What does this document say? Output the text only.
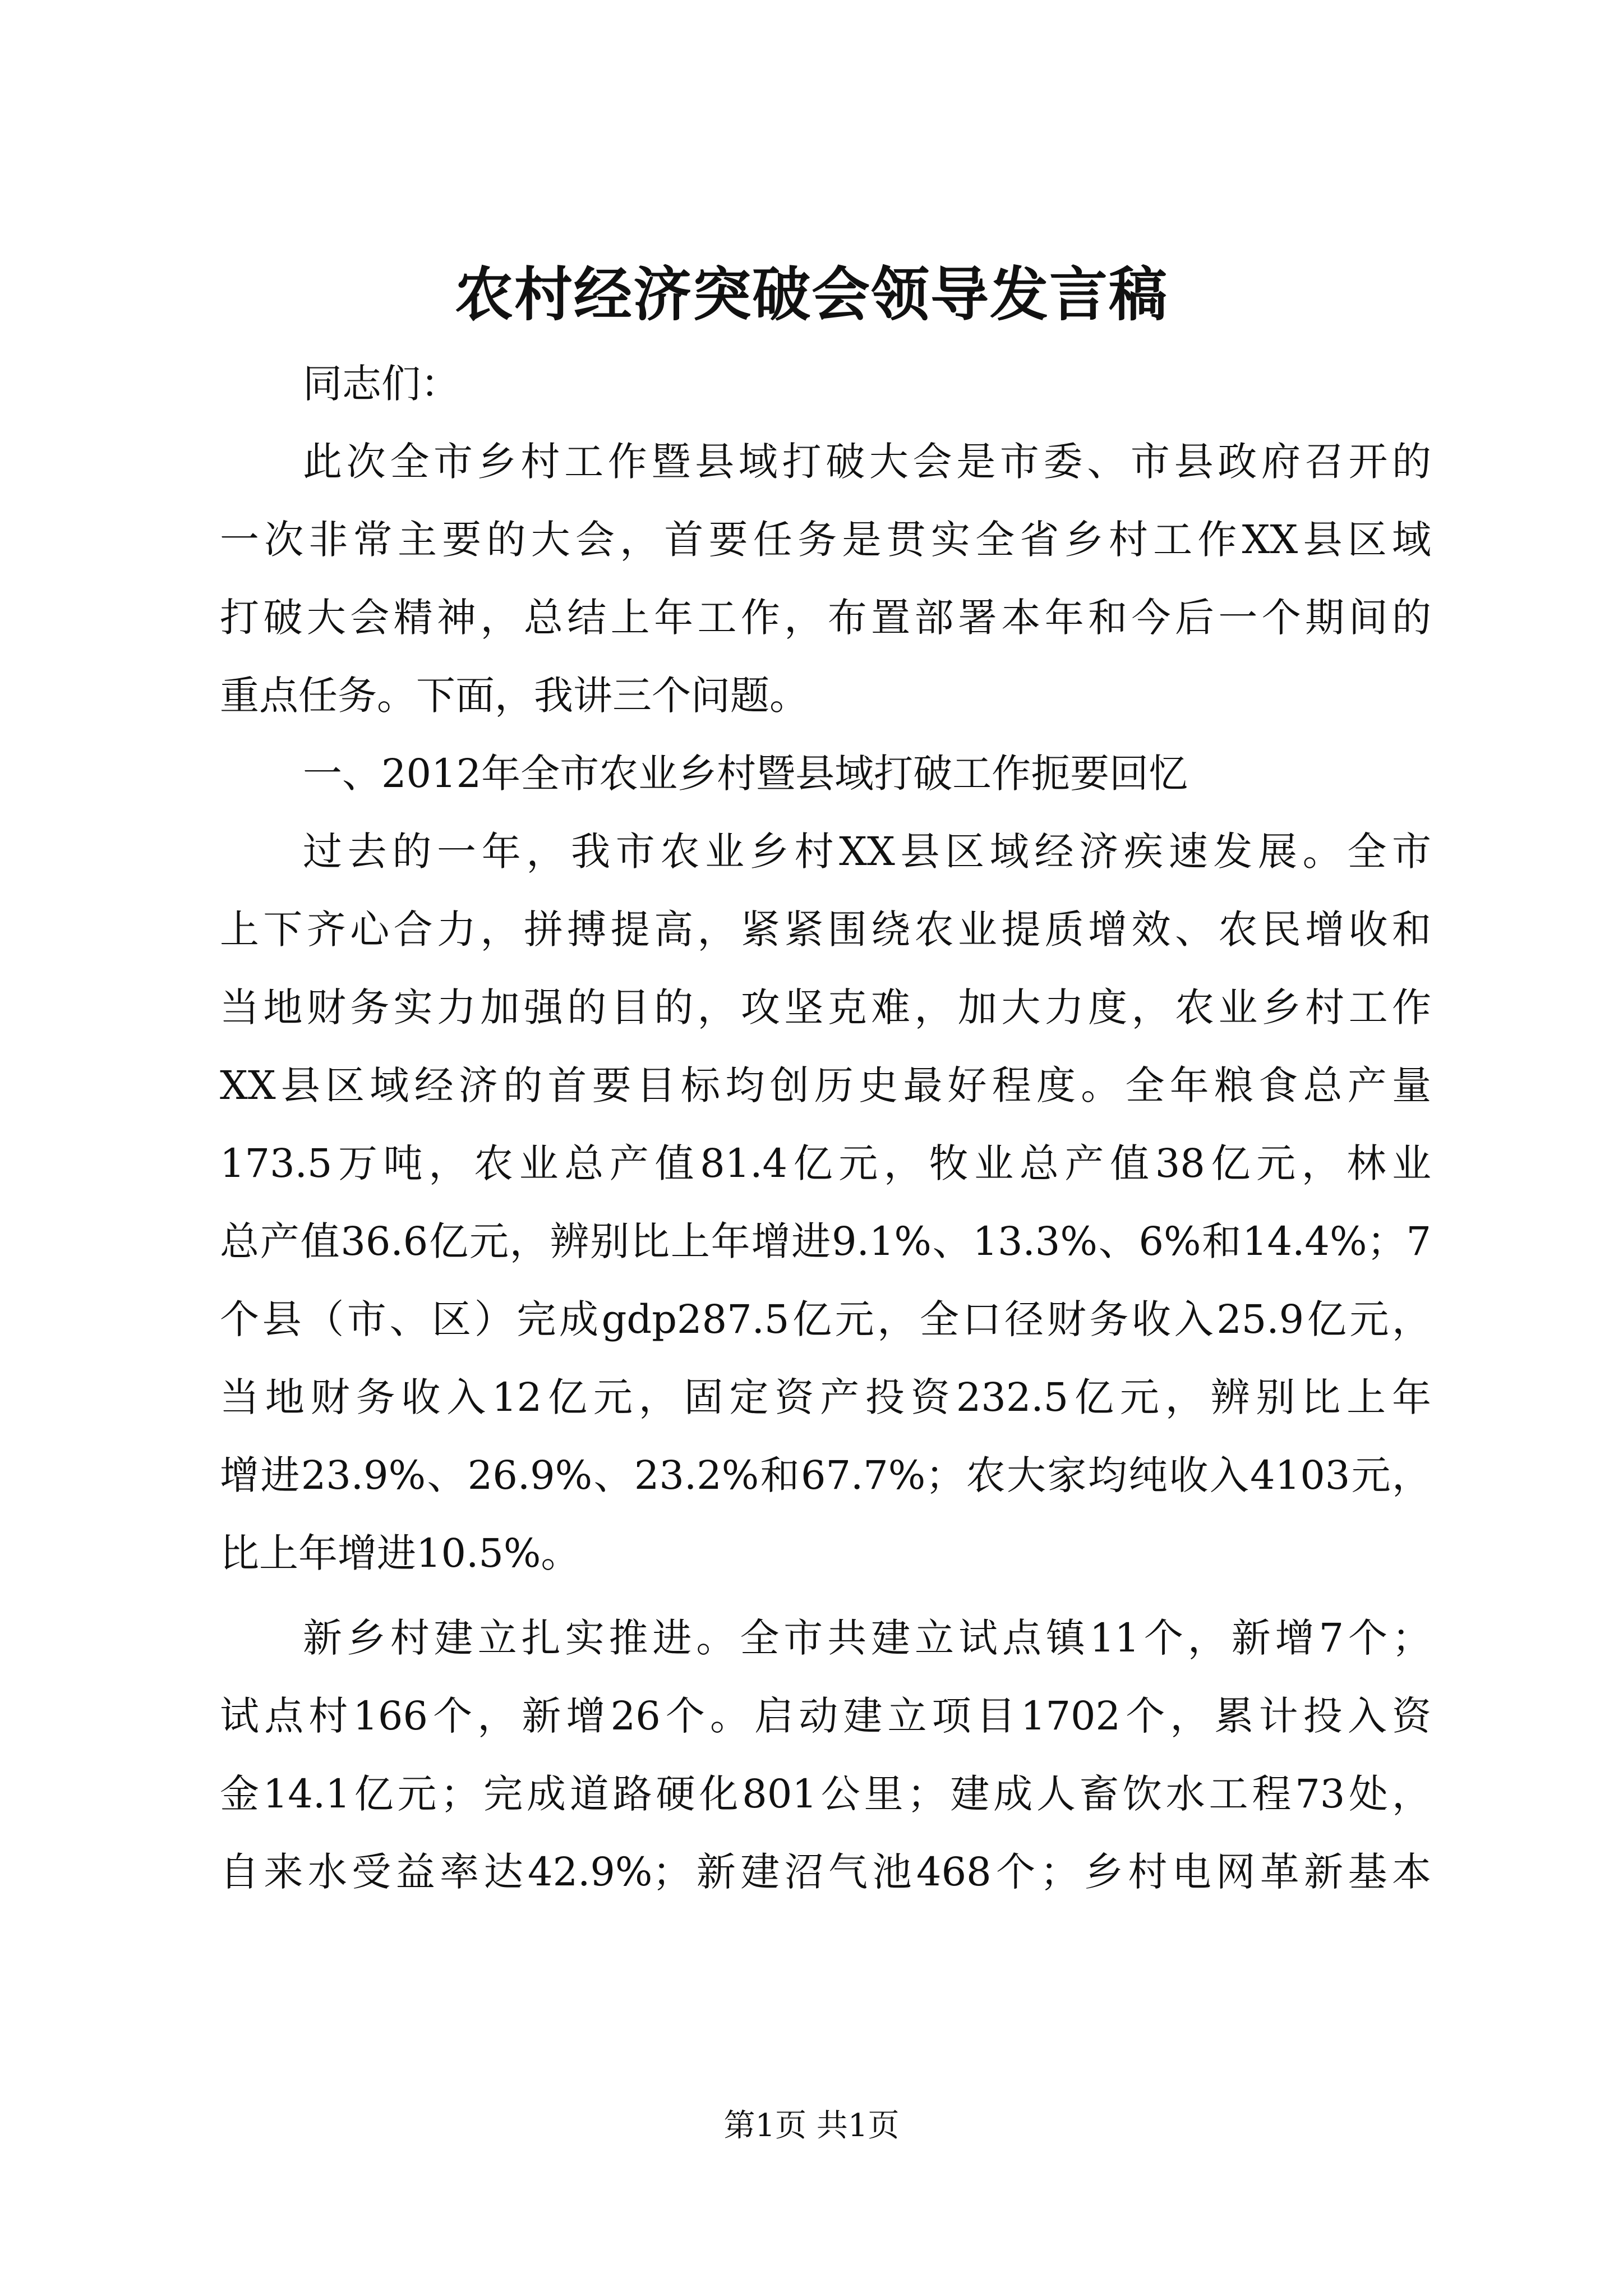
农村经济突破会领导发言稿
同志们：
此次全市乡村工作暨县域打破大会是市委、市县政府召开的
一次非常主要的大会，首要任务是贯实全省乡村工作XX县区域
打破大会精神，总结上年工作，布置部署本年和今后一个期间的
重点任务。下面，我讲三个问题。
一、2012年全市农业乡村暨县域打破工作扼要回忆
过去的一年，我市农业乡村XX县区域经济疾速发展。全市
上下齐心合力，拼搏提高，紧紧围绕农业提质增效、农民增收和
当地财务实力加强的目的，攻坚克难，加大力度，农业乡村工作
XX县区域经济的首要目标均创历史最好程度。全年粮食总产量
173.5万吨，农业总产值81.4亿元，牧业总产值38亿元，林业
总产值36.6亿元，辨别比上年增进9.1%、13.3%、6%和14.4%；7
个县（市、区）完成gdp287.5亿元，全口径财务收入25.9亿元，
当地财务收入12亿元，固定资产投资232.5亿元，辨别比上年
增进23.9%、26.9%、23.2%和67.7%；农大家均纯收入4103元，
比上年增进10.5%。
新乡村建立扎实推进。全市共建立试点镇11个，新增7个；
试点村166个，新增26个。启动建立项目1702个，累计投入资
金14.1亿元；完成道路硬化801公里；建成人畜饮水工程73处，
自来水受益率达42.9%；新建沼气池468个；乡村电网革新基本
第1页 共1页
